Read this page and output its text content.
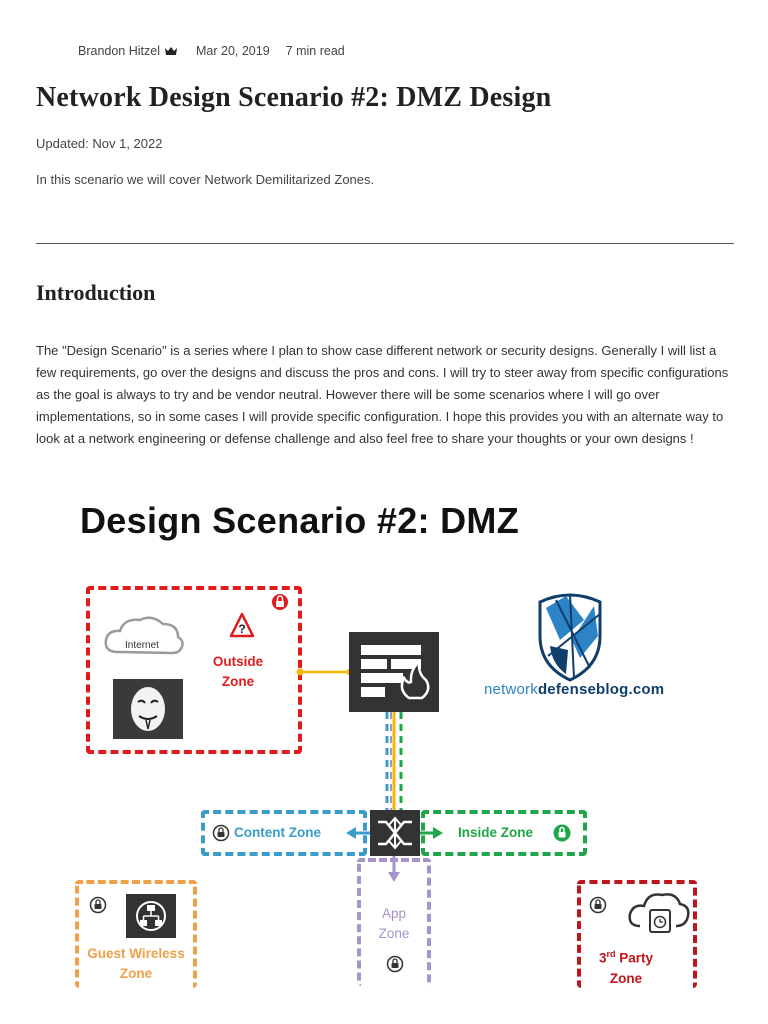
Brandon Hitzel	Mar 20, 2019 7 min read
Network Design Scenario #2: DMZ Design
Updated: Nov 1, 2022
In this scenario we will cover Network Demilitarized Zones.
Introduction

The "Design Scenario" is a series where I plan to show case different network or security designs. Generally I will list a few requirements, go over the designs and discuss the pros and cons. I will try to steer away from specific configurations as the goal is always to try and be vendor neutral. However there will be some scenarios where I will go over implementations, so in some cases I will provide specific configuration. I hope this provides you with an alternate way to look at a network engineering or defense challenge and also feel free to share your thoughts or your own designs !

Design Scenario #2: DMZ
Internet
?
Outside
Zone
Content Zone	Inside Zone
App
Zone
Guest Wireless
Zone
3rd Party
Zone
networkdefenseblog.com
